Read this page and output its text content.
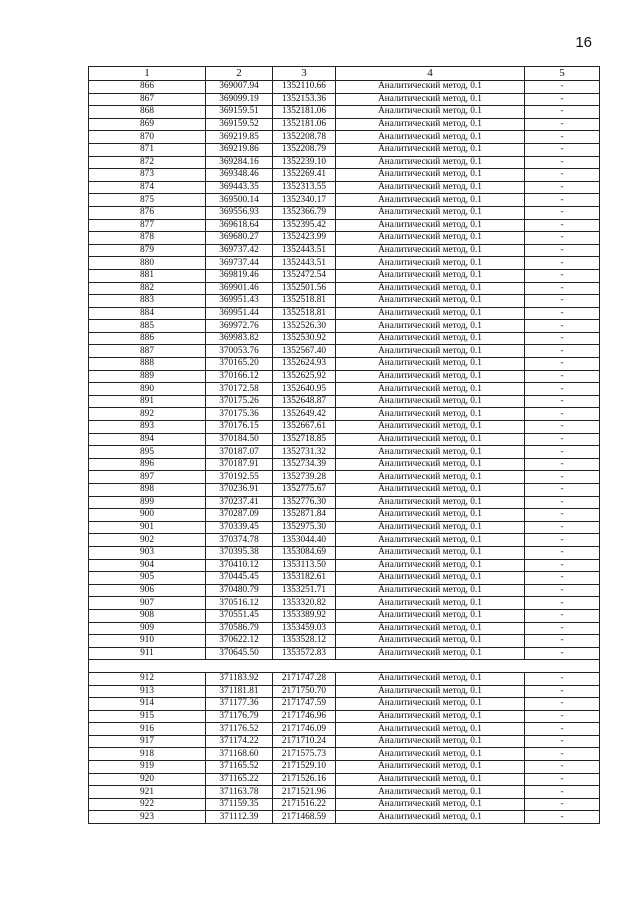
16
1	2	3	4	5
866	369007.94	1352110.66	Аналитический метод, 0.1	-
867	369099.19	1352153.36	Аналитический метод, 0.1	-
868	369159.51	1352181.06	Аналитический метод, 0.1	-
869	369159.52	1352181.06	Аналитический метод, 0.1	-
870	369219.85	1352208.78	Аналитический метод, 0.1	-
871	369219.86	1352208.79	Аналитический метод, 0.1	-
872	369284.16	1352239.10	Аналитический метод, 0.1	-
873	369348.46	1352269.41	Аналитический метод, 0.1	-
874	369443.35	1352313.55	Аналитический метод, 0.1	-
875	369500.14	1352340.17	Аналитический метод, 0.1	-
876	369556.93	1352366.79	Аналитический метод, 0.1	-
877	369618.64	1352395.42	Аналитический метод, 0.1	-
878	369680.27	1352423.99	Аналитический метод, 0.1	-
879	369737.42	1352443.51	Аналитический метод, 0.1	-
880	369737.44	1352443.51	Аналитический метод, 0.1	-
881	369819.46	1352472.54	Аналитический метод, 0.1	-
882	369901.46	1352501.56	Аналитический метод, 0.1	-
883	369951.43	1352518.81	Аналитический метод, 0.1	-
884	369951.44	1352518.81	Аналитический метод, 0.1	-
885	369972.76	1352526.30	Аналитический метод, 0.1	-
886	369983.82	1352530.92	Аналитический метод, 0.1	-
887	370053.76	1352567.40	Аналитический метод, 0.1	-
888	370165.20	1352624.93	Аналитический метод, 0.1	-
889	370166.12	1352625.92	Аналитический метод, 0.1	-
890	370172.58	1352640.95	Аналитический метод, 0.1	-
891	370175.26	1352648.87	Аналитический метод, 0.1	-
892	370175.36	1352649.42	Аналитический метод, 0.1	-
893	370176.15	1352667.61	Аналитический метод, 0.1	-
894	370184.50	1352718.85	Аналитический метод, 0.1	-
895	370187.07	1352731.32	Аналитический метод, 0.1	-
896	370187.91	1352734.39	Аналитический метод, 0.1	-
897	370192.55	1352739.28	Аналитический метод, 0.1	-
898	370236.91	1352775.67	Аналитический метод, 0.1	-
899	370237.41	1352776.30	Аналитический метод, 0.1	-
900	370287.09	1352871.84	Аналитический метод, 0.1	-
901	370339.45	1352975.30	Аналитический метод, 0.1	-
902	370374.78	1353044.40	Аналитический метод, 0.1	-
903	370395.38	1353084.69	Аналитический метод, 0.1	-
904	370410.12	1353113.50	Аналитический метод, 0.1	-
905	370445.45	1353182.61	Аналитический метод, 0.1	-
906	370480.79	1353251.71	Аналитический метод, 0.1	-
907	370516.12	1353320.82	Аналитический метод, 0.1	-
908	370551.45	1353389.92	Аналитический метод, 0.1	-
909	370586.79	1353459.03	Аналитический метод, 0.1	-
910	370622.12	1353528.12	Аналитический метод, 0.1	-
911	370645.50	1353572.83	Аналитический метод, 0.1	-

912	371183.92	2171747.28	Аналитический метод, 0.1	-
913	371181.81	2171750.70	Аналитический метод, 0.1	-
914	371177.36	2171747.59	Аналитический метод, 0.1	-
915	371176.79	2171746.96	Аналитический метод, 0.1	-
916	371176.52	2171746.09	Аналитический метод, 0.1	-
917	371174.22	2171710.24	Аналитический метод, 0.1	-
918	371168.60	2171575.73	Аналитический метод, 0.1	-
919	371165.52	2171529.10	Аналитический метод, 0.1	-
920	371165.22	2171526.16	Аналитический метод, 0.1	-
921	371163.78	2171521.96	Аналитический метод, 0.1	-
922	371159.35	2171516.22	Аналитический метод, 0.1	-
923	371112.39	2171468.59	Аналитический метод, 0.1	-
